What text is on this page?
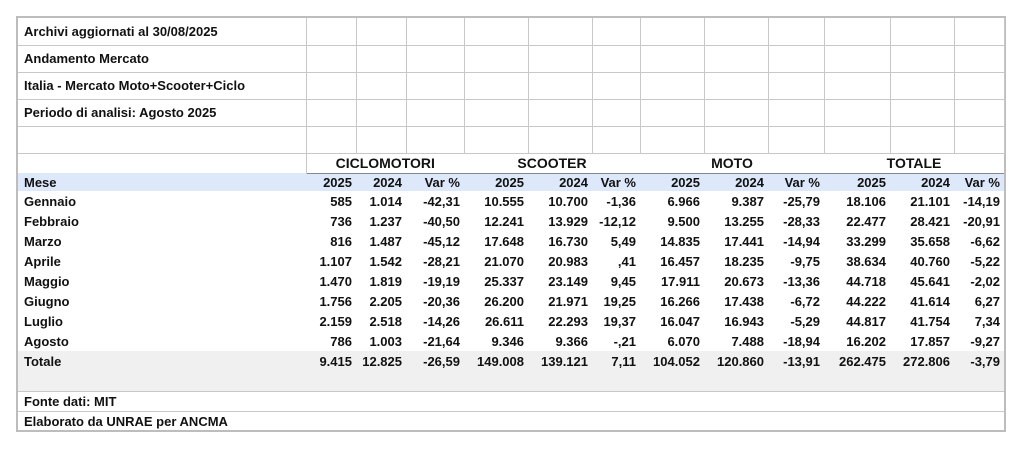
Archivi aggiornati al 30/08/2025												
Andamento Mercato												
Italia - Mercato Moto+Scooter+Ciclo												
Periodo di analisi: Agosto 2025												

	CICLOMOTORI			SCOOTER			MOTO			TOTALE		
Mese	2025	2024	Var %	2025	2024	Var %	2025	2024	Var %	2025	2024	Var %
Gennaio	585	1.014	-42,31	10.555	10.700	-1,36	6.966	9.387	-25,79	18.106	21.101	-14,19
Febbraio	736	1.237	-40,50	12.241	13.929	-12,12	9.500	13.255	-28,33	22.477	28.421	-20,91
Marzo	816	1.487	-45,12	17.648	16.730	5,49	14.835	17.441	-14,94	33.299	35.658	-6,62
Aprile	1.107	1.542	-28,21	21.070	20.983	,41	16.457	18.235	-9,75	38.634	40.760	-5,22
Maggio	1.470	1.819	-19,19	25.337	23.149	9,45	17.911	20.673	-13,36	44.718	45.641	-2,02
Giugno	1.756	2.205	-20,36	26.200	21.971	19,25	16.266	17.438	-6,72	44.222	41.614	6,27
Luglio	2.159	2.518	-14,26	26.611	22.293	19,37	16.047	16.943	-5,29	44.817	41.754	7,34
Agosto	786	1.003	-21,64	9.346	9.366	-,21	6.070	7.488	-18,94	16.202	17.857	-9,27
Totale	9.415	12.825	-26,59	149.008	139.121	7,11	104.052	120.860	-13,91	262.475	272.806	-3,79

Fonte dati: MIT												
Elaborato da UNRAE per ANCMA												
